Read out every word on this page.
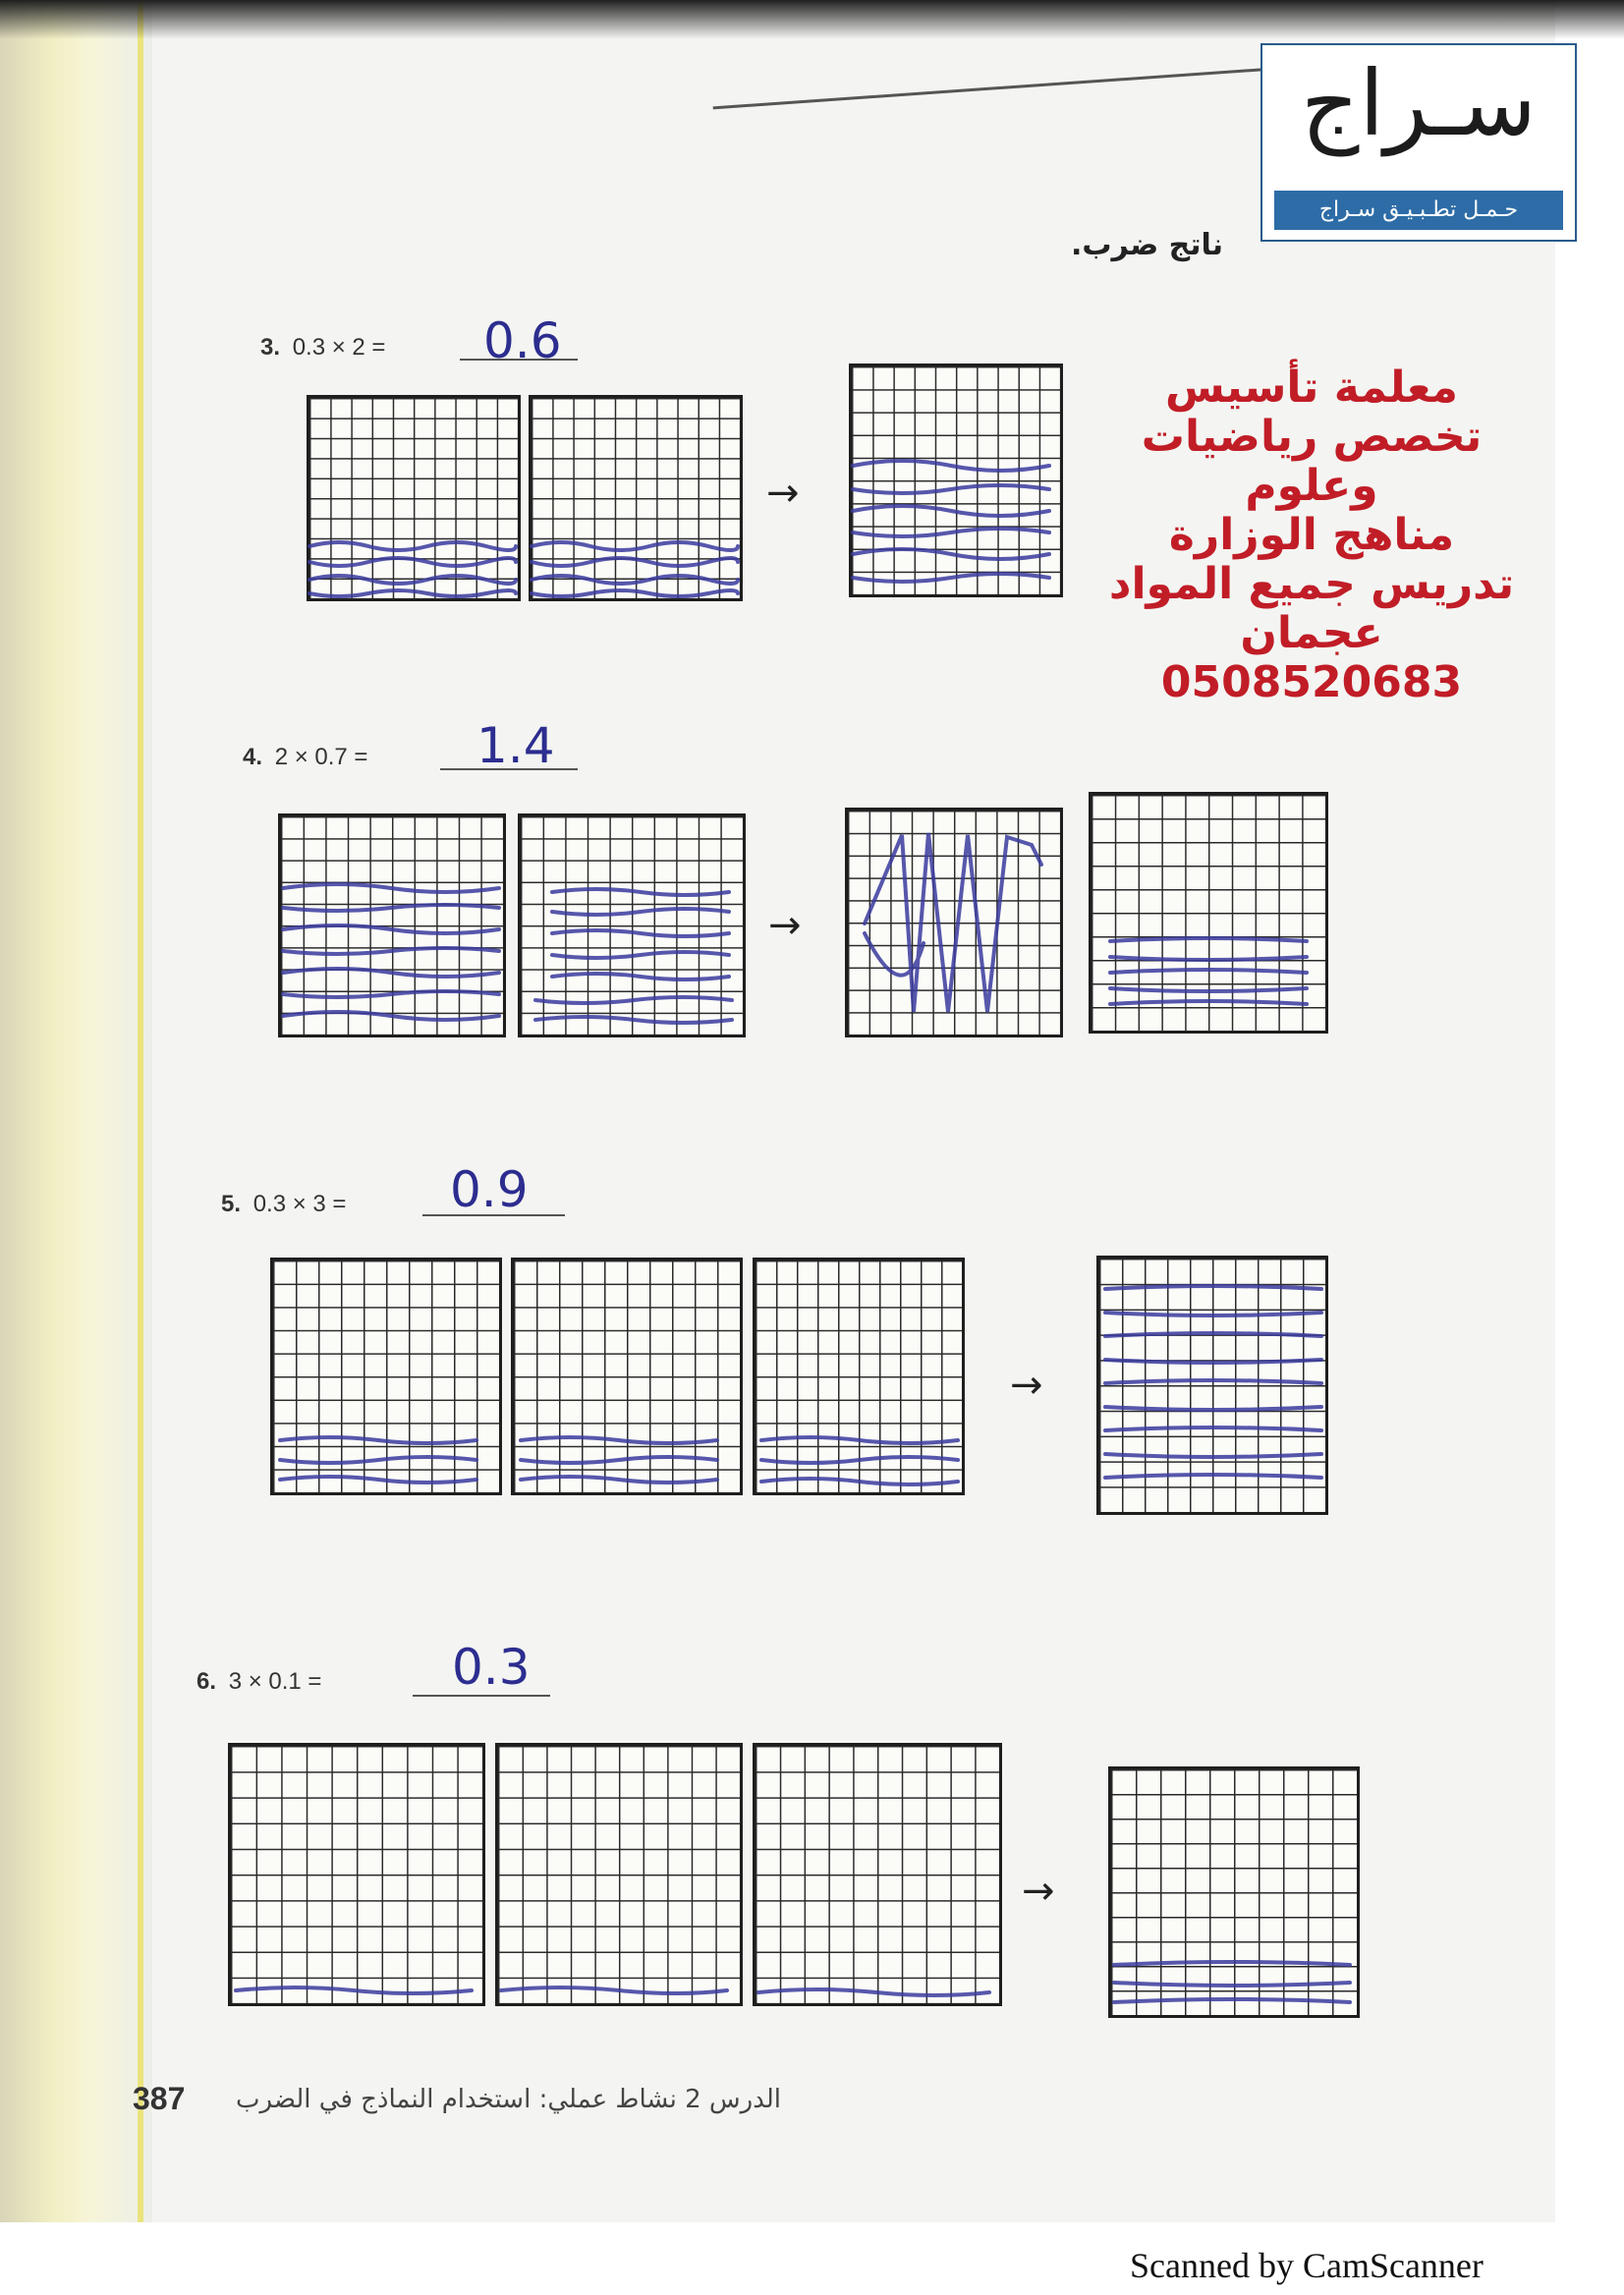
ناتج ضرب.
سـراج
حـمـل تطـبـيـق سـراج
معلمة تأسيس
تخصص رياضيات
وعلوم
مناهج الوزارة
تدريس جميع المواد
عجمان
0508520683
3. 0.3 × 2 = 0.6
→
4. 2 × 0.7 = 1.4
→
5. 0.3 × 3 = 0.9
→
6. 3 × 0.1 =	0.3
→
387 الدرس 2 نشاط عملي: استخدام النماذج في الضرب
Scanned by CamScanner
